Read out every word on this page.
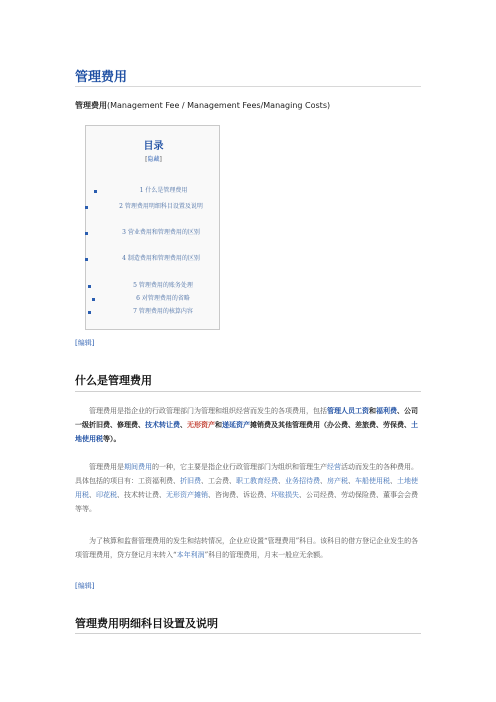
管理费用
管理费用(Management Fee / Management Fees/Managing Costs)
目录
[隐藏]
1 什么是管理费用
2 管理费用明细科目设置及说明
3 营业费用和管理费用的区别
4 制造费用和管理费用的区别
5 管理费用的账务处理
6 对管理费用的省略
7 管理费用的核算内容
[编辑]
什么是管理费用

管理费用是指企业的行政管理部门为管理和组织经营而发生的各项费用，包括管理人员工资和福利费、公司一级折旧费、修理费、技术转让费、无形资产和递延资产摊销费及其他管理费用（办公费、差旅费、劳保费、土地使用税等）。

管理费用是期间费用的一种，它主要是指企业行政管理部门为组织和管理生产经营活动而发生的各种费用。具体包括的项目有：工资福利费、折旧费、工会费、职工教育经费、业务招待费、房产税、车船使用税、土地使用税、印花税、技术转让费、无形资产摊销、咨询费、诉讼费、坏账损失、公司经费、劳动保险费、董事会会费等等。

为了核算和监督管理费用的发生和结转情况，企业应设置“管理费用”科目。该科目的借方登记企业发生的各项管理费用，贷方登记月末转入“本年利润”科目的管理费用，月末一般应无余额。

[编辑]
管理费用明细科目设置及说明
